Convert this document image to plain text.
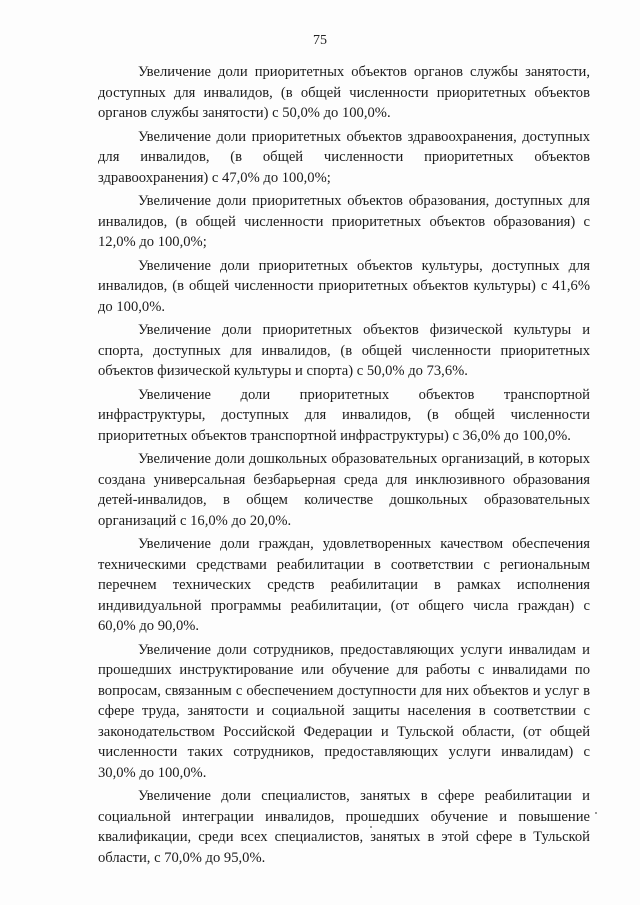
75

Увеличение доли приоритетных объектов органов службы занятости, доступных для инвалидов, (в общей численности приоритетных объектов органов службы занятости) с 50,0% до 100,0%.

Увеличение доли приоритетных объектов здравоохранения, доступных для инвалидов, (в общей численности приоритетных объектов здравоохранения) с 47,0% до 100,0%;

Увеличение доли приоритетных объектов образования, доступных для инвалидов, (в общей численности приоритетных объектов образования) с 12,0% до 100,0%;

Увеличение доли приоритетных объектов культуры, доступных для инвалидов, (в общей численности приоритетных объектов культуры) с 41,6% до 100,0%.

Увеличение доли приоритетных объектов физической культуры и спорта, доступных для инвалидов, (в общей численности приоритетных объектов физической культуры и спорта) с 50,0% до 73,6%.

Увеличение доли приоритетных объектов транспортной инфраструктуры, доступных для инвалидов, (в общей численности приоритетных объектов транспортной инфраструктуры) с 36,0% до 100,0%.

Увеличение доли дошкольных образовательных организаций, в которых создана универсальная безбарьерная среда для инклюзивного образования детей-инвалидов, в общем количестве дошкольных образовательных организаций с 16,0% до 20,0%.

Увеличение доли граждан, удовлетворенных качеством обеспечения техническими средствами реабилитации в соответствии с региональным перечнем технических средств реабилитации в рамках исполнения индивидуальной программы реабилитации, (от общего числа граждан) с 60,0% до 90,0%.

Увеличение доли сотрудников, предоставляющих услуги инвалидам и прошедших инструктирование или обучение для работы с инвалидами по вопросам, связанным с обеспечением доступности для них объектов и услуг в сфере труда, занятости и социальной защиты населения в соответствии с законодательством Российской Федерации и Тульской области, (от общей численности таких сотрудников, предоставляющих услуги инвалидам) с 30,0% до 100,0%.

Увеличение доли специалистов, занятых в сфере реабилитации и социальной интеграции инвалидов, прошедших обучение и повышение квалификации, среди всех специалистов, занятых в этой сфере в Тульской области, с 70,0% до 95,0%.
